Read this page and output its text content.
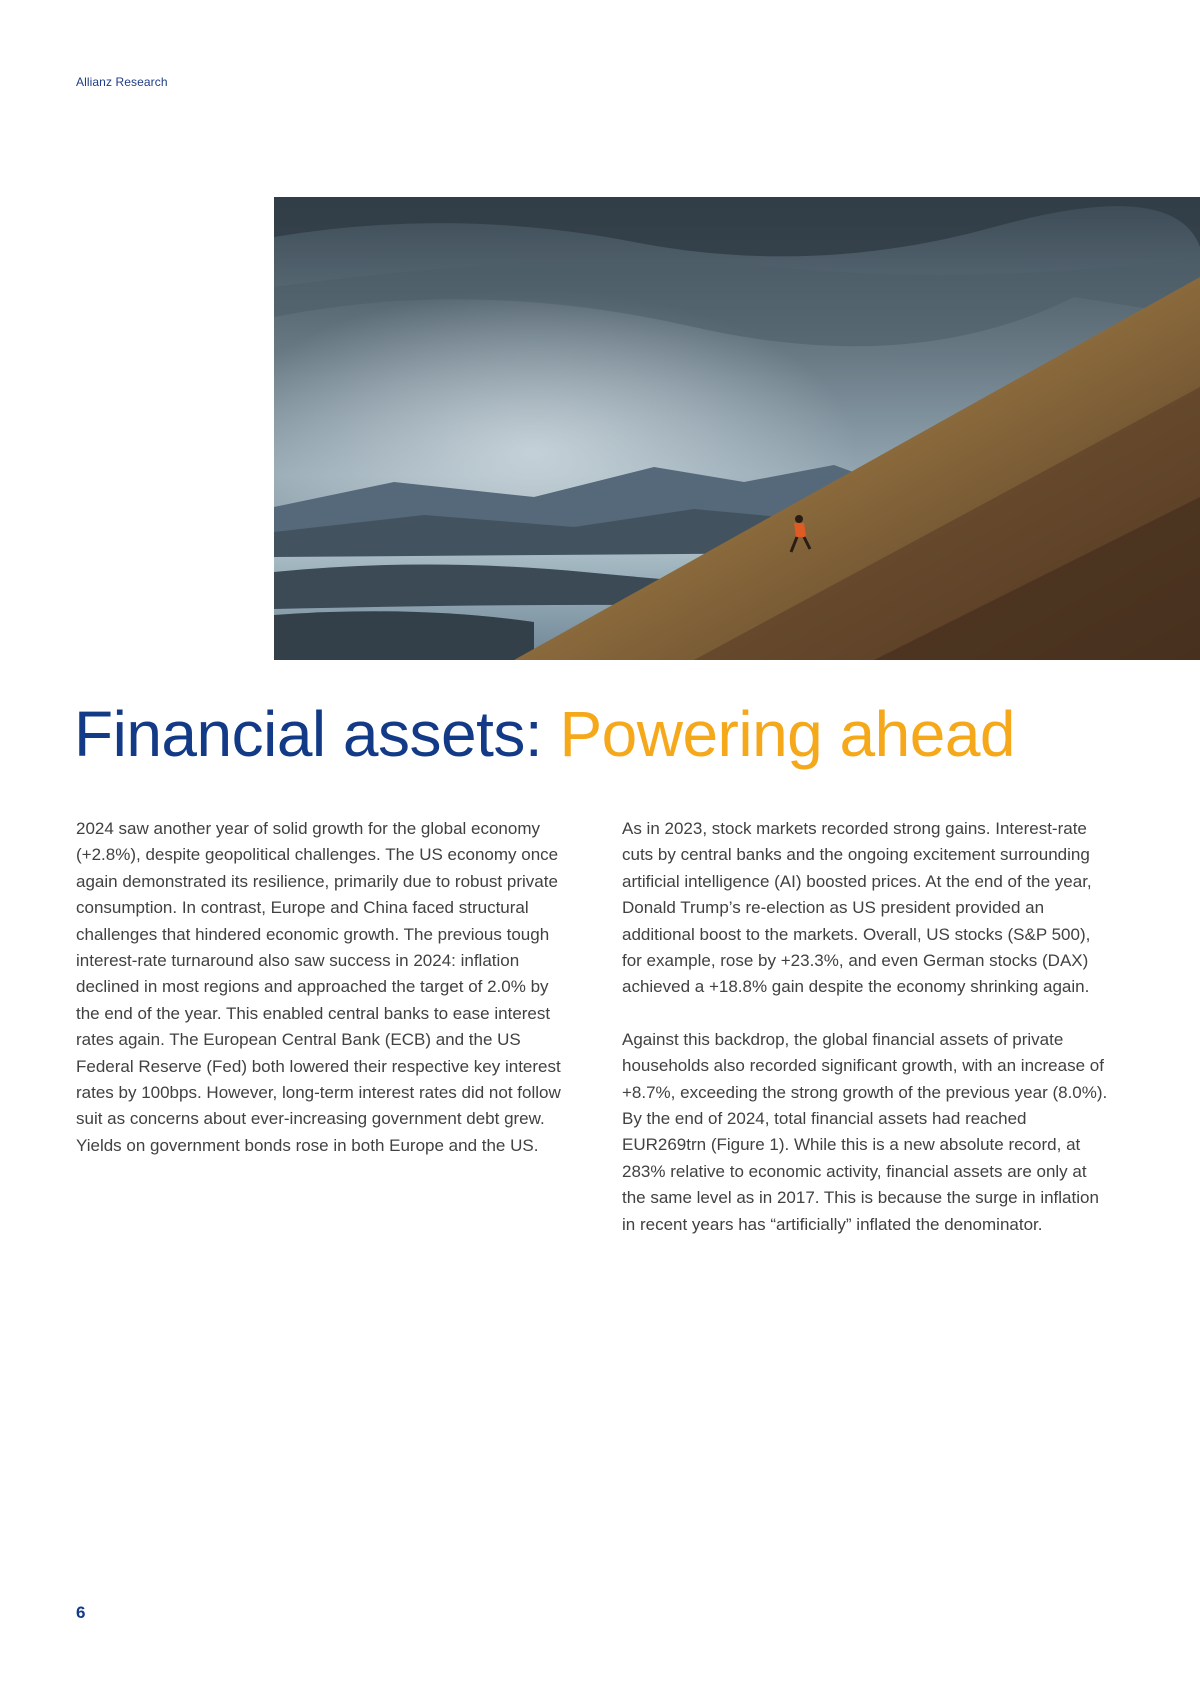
Allianz Research
Financial assets: Powering ahead

2024 saw another year of solid growth for the global economy (+2.8%), despite geopolitical challenges. The US economy once again demonstrated its resilience, primarily due to robust private consumption. In contrast, Europe and China faced structural challenges that hindered economic growth. The previous tough interest-rate turnaround also saw success in 2024: inflation declined in most regions and approached the target of 2.0% by the end of the year. This enabled central banks to ease interest rates again. The European Central Bank (ECB) and the US Federal Reserve (Fed) both lowered their respective key interest rates by 100bps. However, long-term interest rates did not follow suit as concerns about ever-increasing government debt grew. Yields on government bonds rose in both Europe and the US.

As in 2023, stock markets recorded strong gains. Interest-rate cuts by central banks and the ongoing excitement surrounding artificial intelligence (AI) boosted prices. At the end of the year, Donald Trump’s re-election as US president provided an additional boost to the markets. Overall, US stocks (S&P 500), for example, rose by +23.3%, and even German stocks (DAX) achieved a +18.8% gain despite the economy shrinking again.

Against this backdrop, the global financial assets of private households also recorded significant growth, with an increase of +8.7%, exceeding the strong growth of the previous year (8.0%). By the end of 2024, total financial assets had reached EUR269trn (Figure 1). While this is a new absolute record, at 283% relative to economic activity, financial assets are only at the same level as in 2017. This is because the surge in inflation in recent years has “artificially” inflated the denominator.

6
